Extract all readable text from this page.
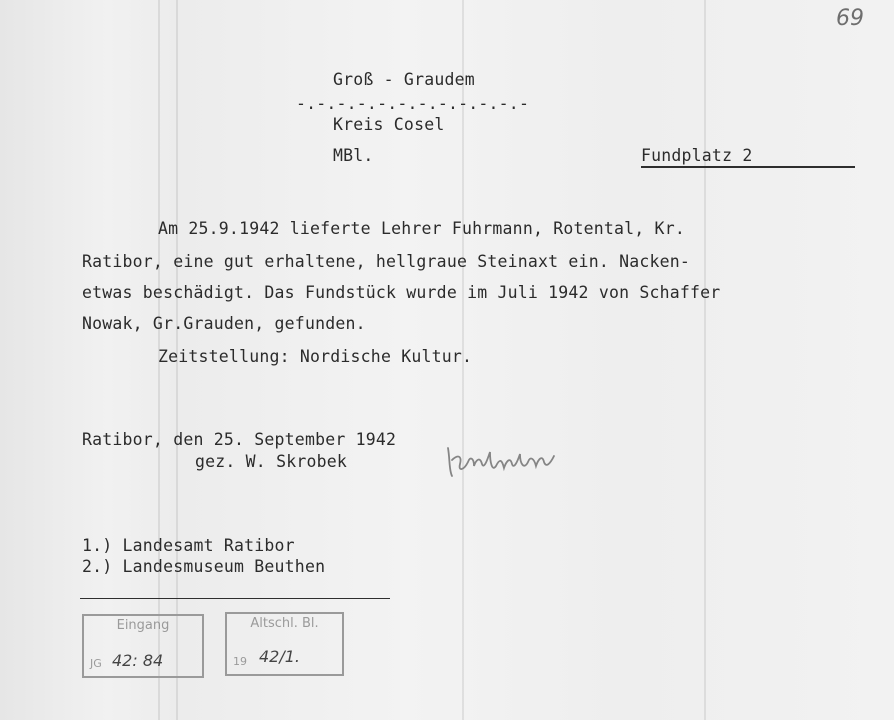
69
Groß - Graudem
-.-.-.-.-.-.-.-.-.-.-.-
Kreis Cosel
MBl.	Fundplatz 2
Am 25.9.1942 lieferte Lehrer Fuhrmann, Rotental, Kr.
Ratibor, eine gut erhaltene, hellgraue Steinaxt ein. Nacken-
etwas beschädigt. Das Fundstück wurde im Juli 1942 von Schaffer
Nowak, Gr.Grauden, gefunden.
Zeitstellung: Nordische Kultur.
Ratibor, den 25. September 1942
gez. W. Skrobek
1.) Landesamt Ratibor
2.) Landesmuseum Beuthen
Eingang
JG 42: 84
Altschl. Bl.
19 42/1.
